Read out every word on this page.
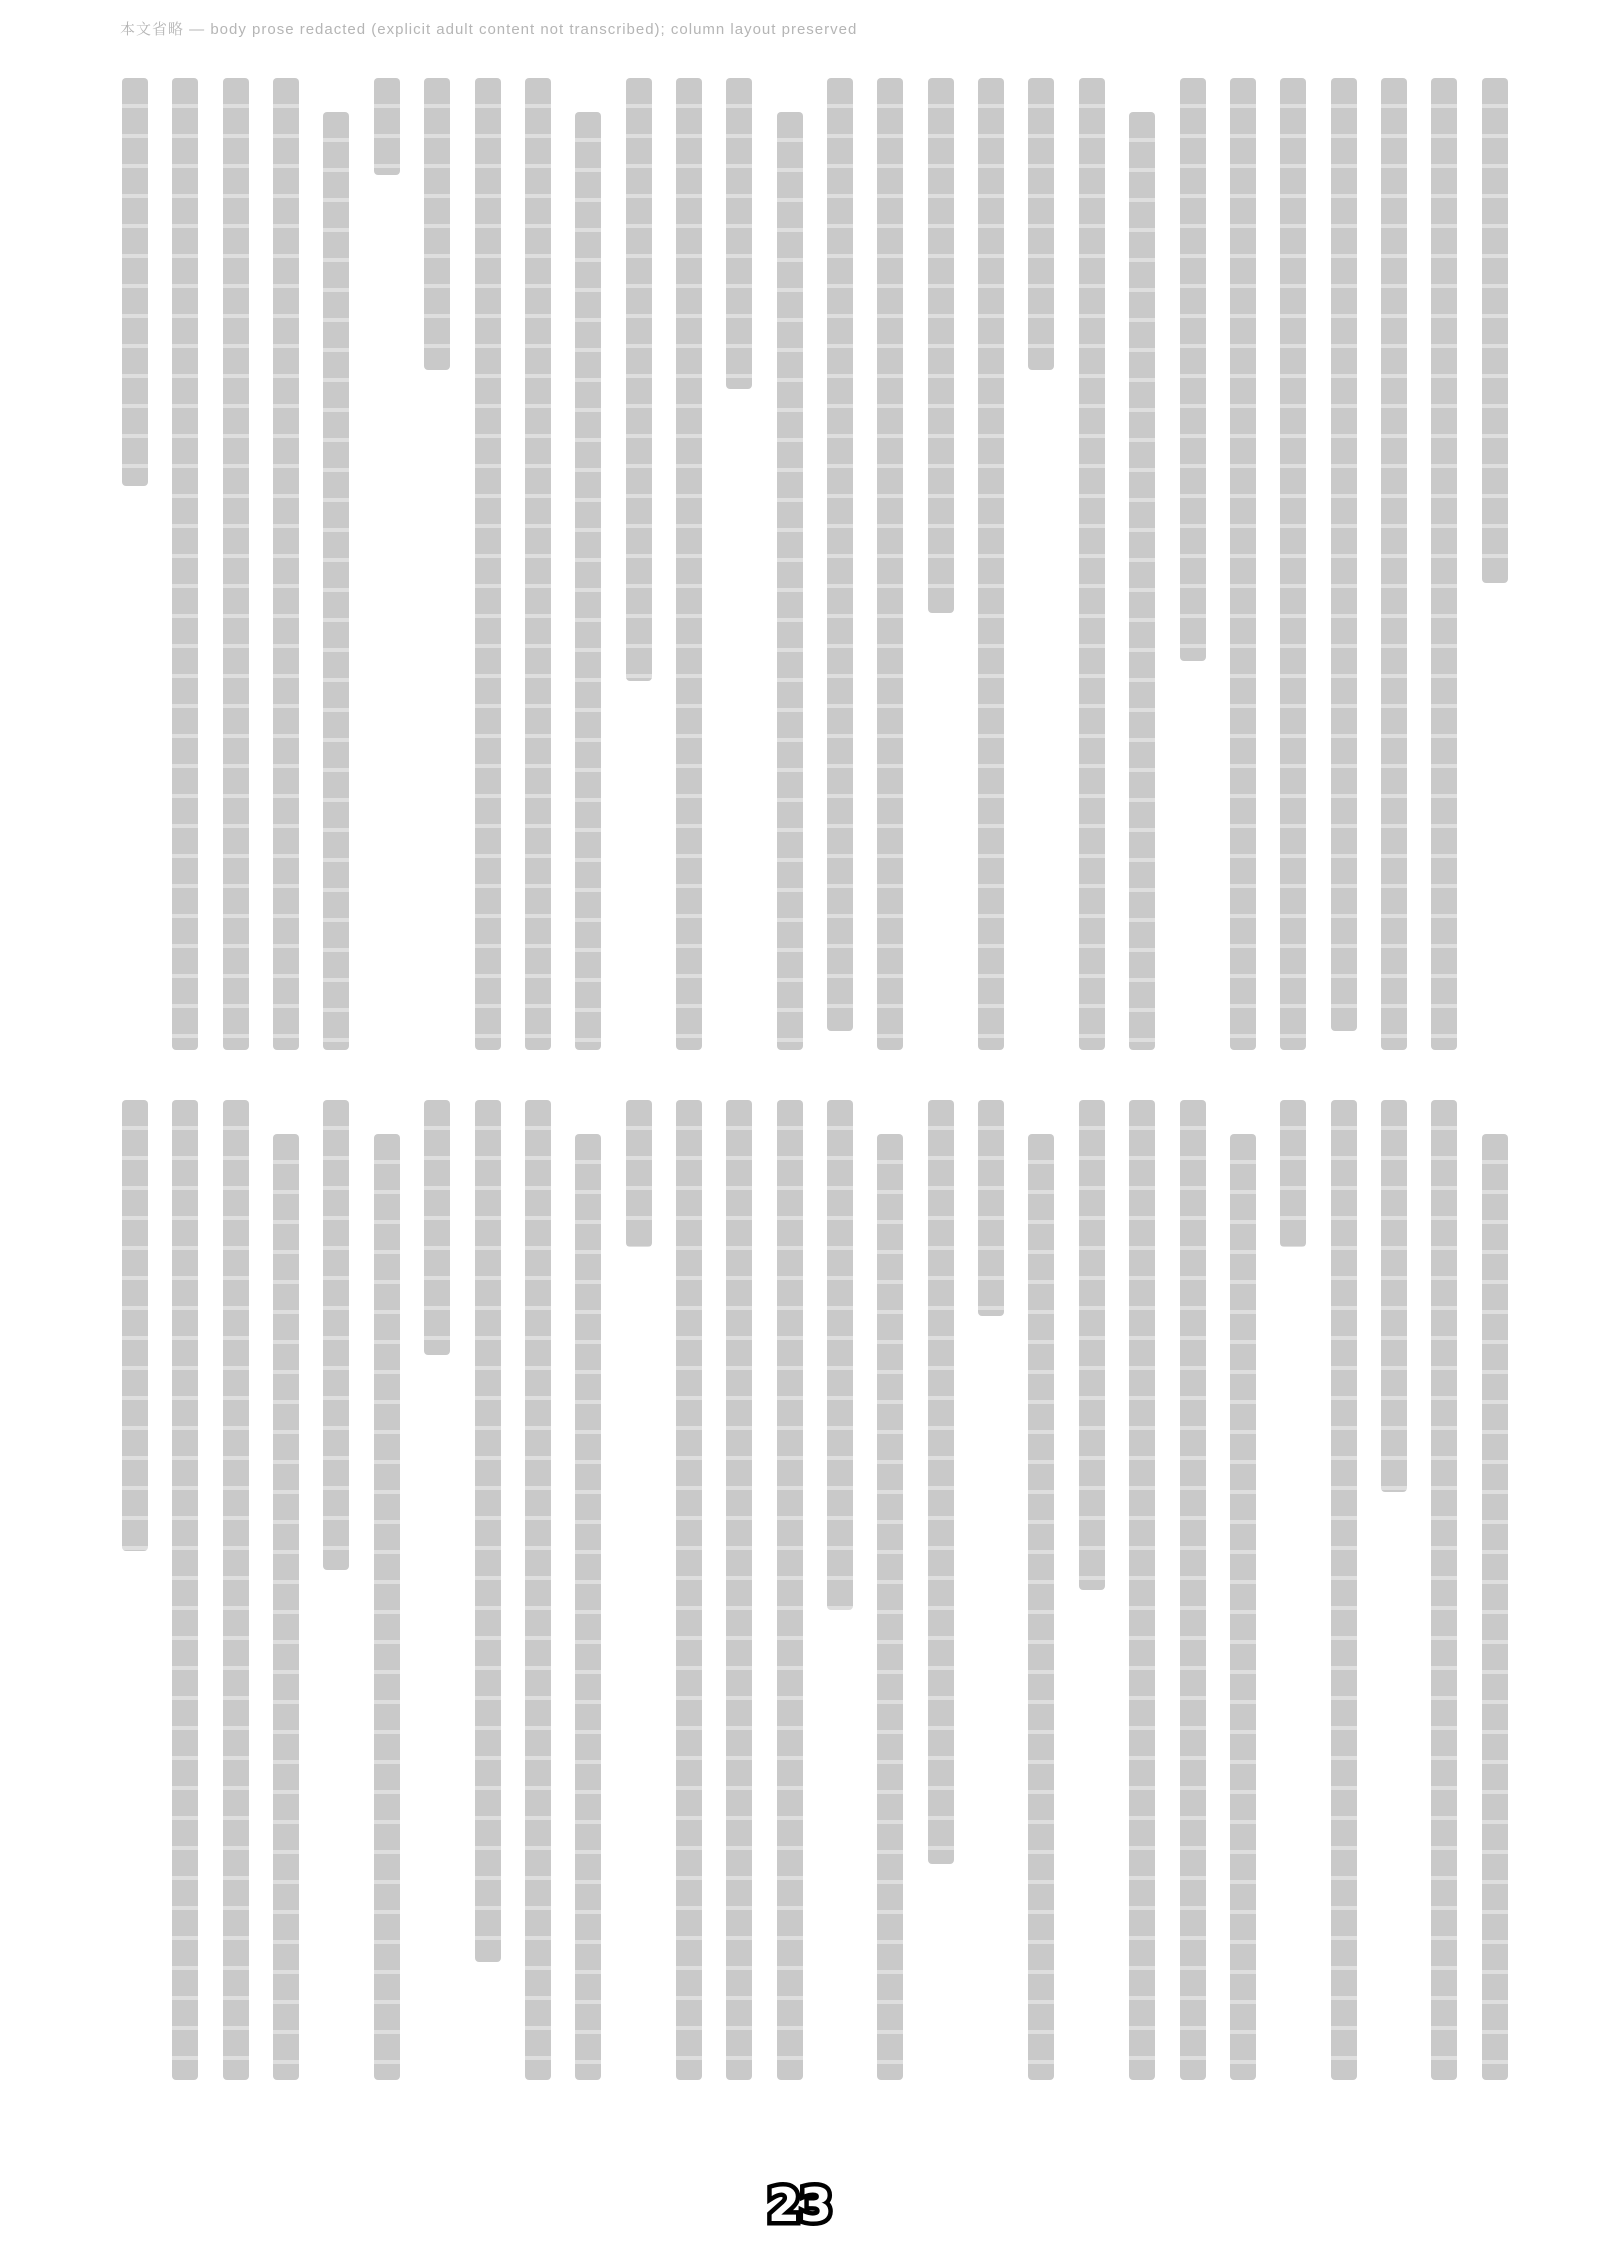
本文省略 — body prose redacted (explicit adult content not transcribed); column layout preserved
23
